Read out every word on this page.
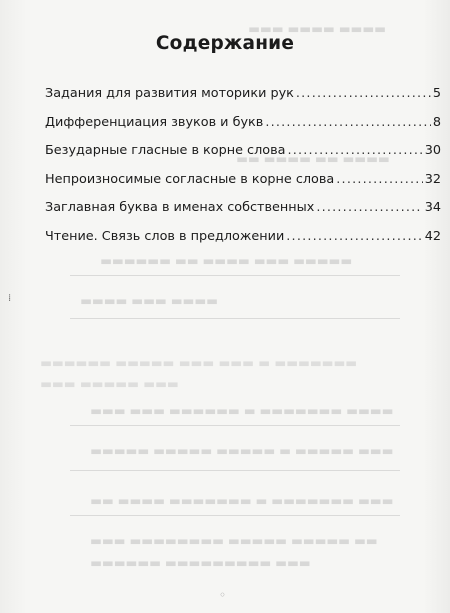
▬▬▬▬ ▬▬▬▬ ▬▬▬
▬▬▬▬ ▬▬ ▬▬▬▬ ▬▬
▬▬▬▬▬ ▬▬▬ ▬▬▬▬ ▬▬ ▬▬▬▬▬▬
▬▬▬▬ ▬▬▬ ▬▬▬▬
▬▬▬▬▬▬▬ ▬ ▬▬▬ ▬▬▬ ▬▬▬▬▬ ▬▬▬▬▬▬
▬▬▬ ▬▬▬▬▬ ▬▬▬
▬▬▬▬ ▬▬▬▬▬▬▬ ▬ ▬▬▬▬▬▬ ▬▬▬ ▬▬▬
▬▬▬ ▬▬▬▬▬ ▬ ▬▬▬▬▬ ▬▬▬▬▬ ▬▬▬▬▬
▬▬▬ ▬▬▬▬▬▬▬ ▬ ▬▬▬▬▬▬▬ ▬▬▬▬ ▬▬
▬▬ ▬▬▬▬▬ ▬▬▬▬▬ ▬▬▬▬▬▬▬▬ ▬▬▬
▬▬▬ ▬▬▬▬▬▬▬▬▬ ▬▬▬▬▬▬
⁞
Содержание
Задания для развития моторики рук .....	5
Дифференциация звуков и букв .....	8
Безударные гласные в корне слова .....	30
Непроизносимые согласные в корне слова .....	32
Заглавная буква в именах собственных .....	34
Чтение. Связь слов в предложении .....	42
◦
